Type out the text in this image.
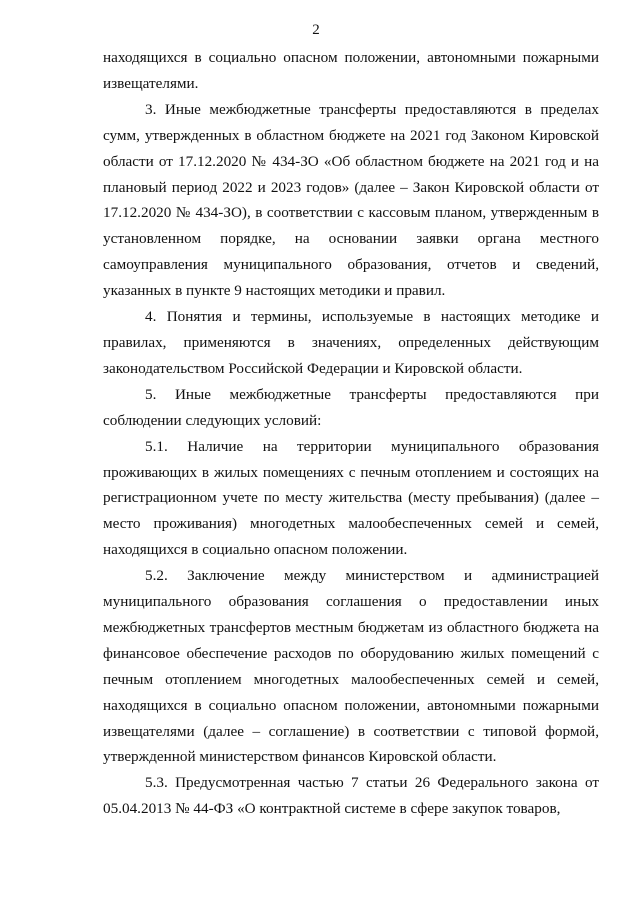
2

находящихся в социально опасном положении, автономными пожарными извещателями.

3. Иные межбюджетные трансферты предоставляются в пределах сумм, утвержденных в областном бюджете на 2021 год Законом Кировской области от 17.12.2020 № 434-ЗО «Об областном бюджете на 2021 год и на плановый период 2022 и 2023 годов» (далее – Закон Кировской области от 17.12.2020 № 434-ЗО), в соответствии с кассовым планом, утвержденным в установленном порядке, на основании заявки органа местного самоуправления муниципального образования, отчетов и сведений, указанных в пункте 9 настоящих методики и правил.

4. Понятия и термины, используемые в настоящих методике и правилах, применяются в значениях, определенных действующим законодательством Российской Федерации и Кировской области.

5. Иные межбюджетные трансферты предоставляются при соблюдении следующих условий:

5.1. Наличие на территории муниципального образования проживающих в жилых помещениях с печным отоплением и состоящих на регистрационном учете по месту жительства (месту пребывания) (далее – место проживания) многодетных малообеспеченных семей и семей, находящихся в социально опасном положении.

5.2. Заключение между министерством и администрацией муниципального образования соглашения о предоставлении иных межбюджетных трансфертов местным бюджетам из областного бюджета на финансовое обеспечение расходов по оборудованию жилых помещений с печным отоплением многодетных малообеспеченных семей и семей, находящихся в социально опасном положении, автономными пожарными извещателями (далее – соглашение) в соответствии с типовой формой, утвержденной министерством финансов Кировской области.

5.3. Предусмотренная частью 7 статьи 26 Федерального закона от 05.04.2013 № 44-ФЗ «О контрактной системе в сфере закупок товаров,
